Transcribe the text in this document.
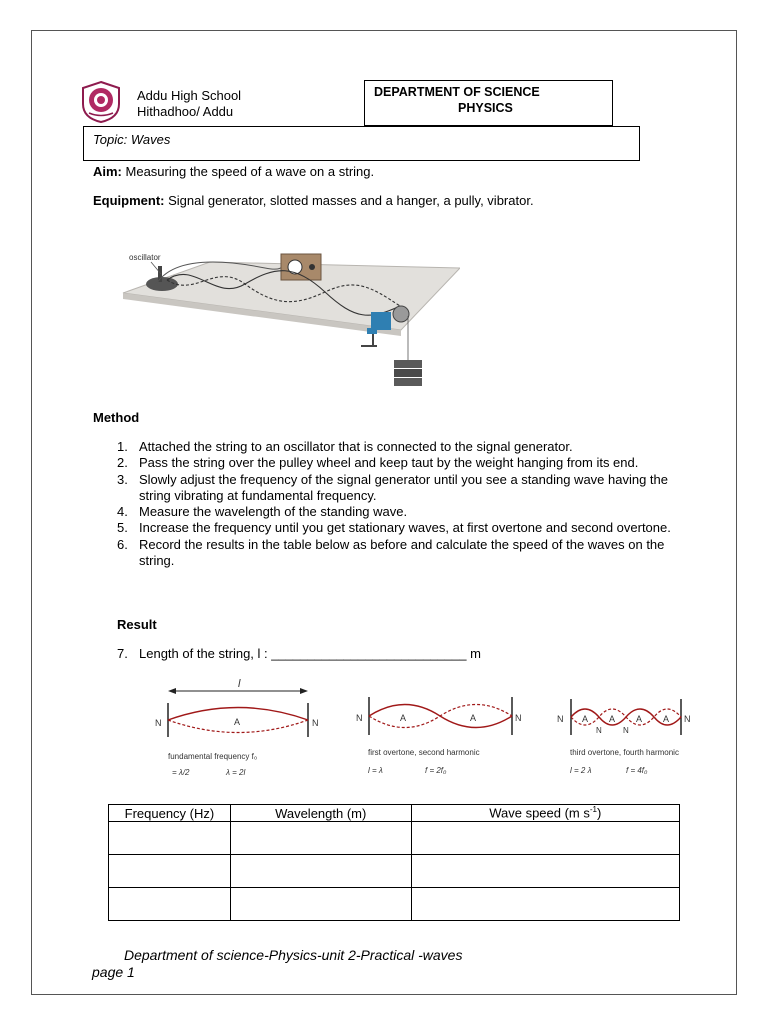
Addu High School
Hithadhoo/ Addu
DEPARTMENT OF SCIENCE
PHYSICS
Topic: Waves
Aim: Measuring the speed of a wave on a string.
Equipment: Signal generator, slotted masses and a hanger, a pully, vibrator.
oscillator
Method
1. Attached the string to an oscillator that is connected to the signal generator.
2. Pass the string over the pulley wheel and keep taut by the weight hanging from its end.
3. Slowly adjust the frequency of the signal generator until you see a standing wave having the string vibrating at fundamental frequency.
4. Measure the wavelength of the standing wave.
5. Increase the frequency until you get stationary waves, at first overtone and second overtone.
6. Record the results in the table below as before and calculate the speed of the waves on the string.
Result
7. Length of the string, l : ___________________________ m
l
N	N
A
fundamental frequency f₀
= λ/2	λ = 2l
N	N
A	A
first overtone, second harmonic
l = λ	f = 2f₀
N	N
N	N
A A A A
third overtone, fourth harmonic
l = 2 λ	f = 4f₀
Frequency (Hz)	Wavelength (m)	Wave speed (m $s^{-1}$)

Department of science-Physics-unit 2-Practical -waves
page 1
